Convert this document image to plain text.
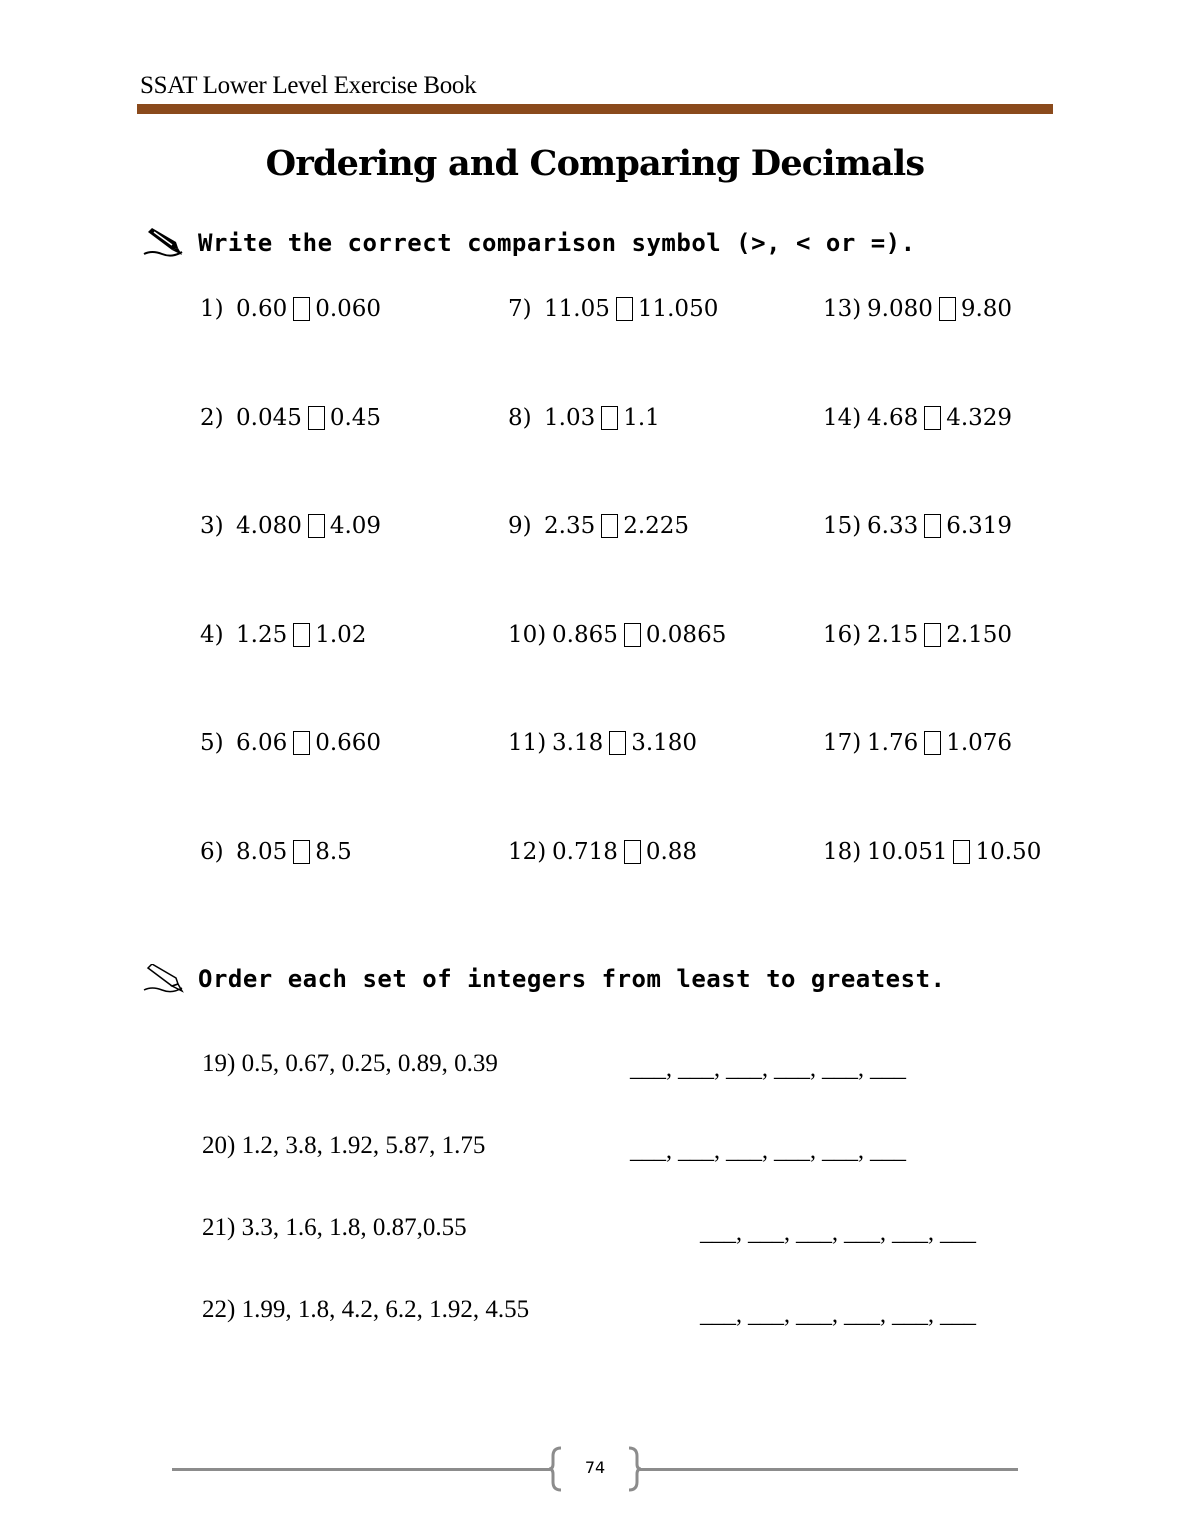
SSAT Lower Level Exercise Book
Ordering and Comparing Decimals
Write the correct comparison symbol (>, < or =).
1) 0.60 0.060
2) 0.045 0.45
3) 4.080 4.09
4) 1.25 1.02
5) 6.06 0.660
6) 8.05 8.5
7) 11.05 11.050
8) 1.03 1.1
9) 2.35 2.225
10) 0.865 0.0865
11) 3.18 3.180
12) 0.718 0.88
13) 9.080 9.80
14) 4.68 4.329
15) 6.33 6.319
16) 2.15 2.150
17) 1.76 1.076
18) 10.051 10.50
Order each set of integers from least to greatest.
19) 0.5, 0.67, 0.25, 0.89, 0.39	___, ___, ___, ___, ___, ___
20) 1.2, 3.8, 1.92, 5.87, 1.75	___, ___, ___, ___, ___, ___
21) 3.3, 1.6, 1.8, 0.87,0.55	___, ___, ___, ___, ___, ___
22) 1.99, 1.8, 4.2, 6.2, 1.92, 4.55	___, ___, ___, ___, ___, ___
74
